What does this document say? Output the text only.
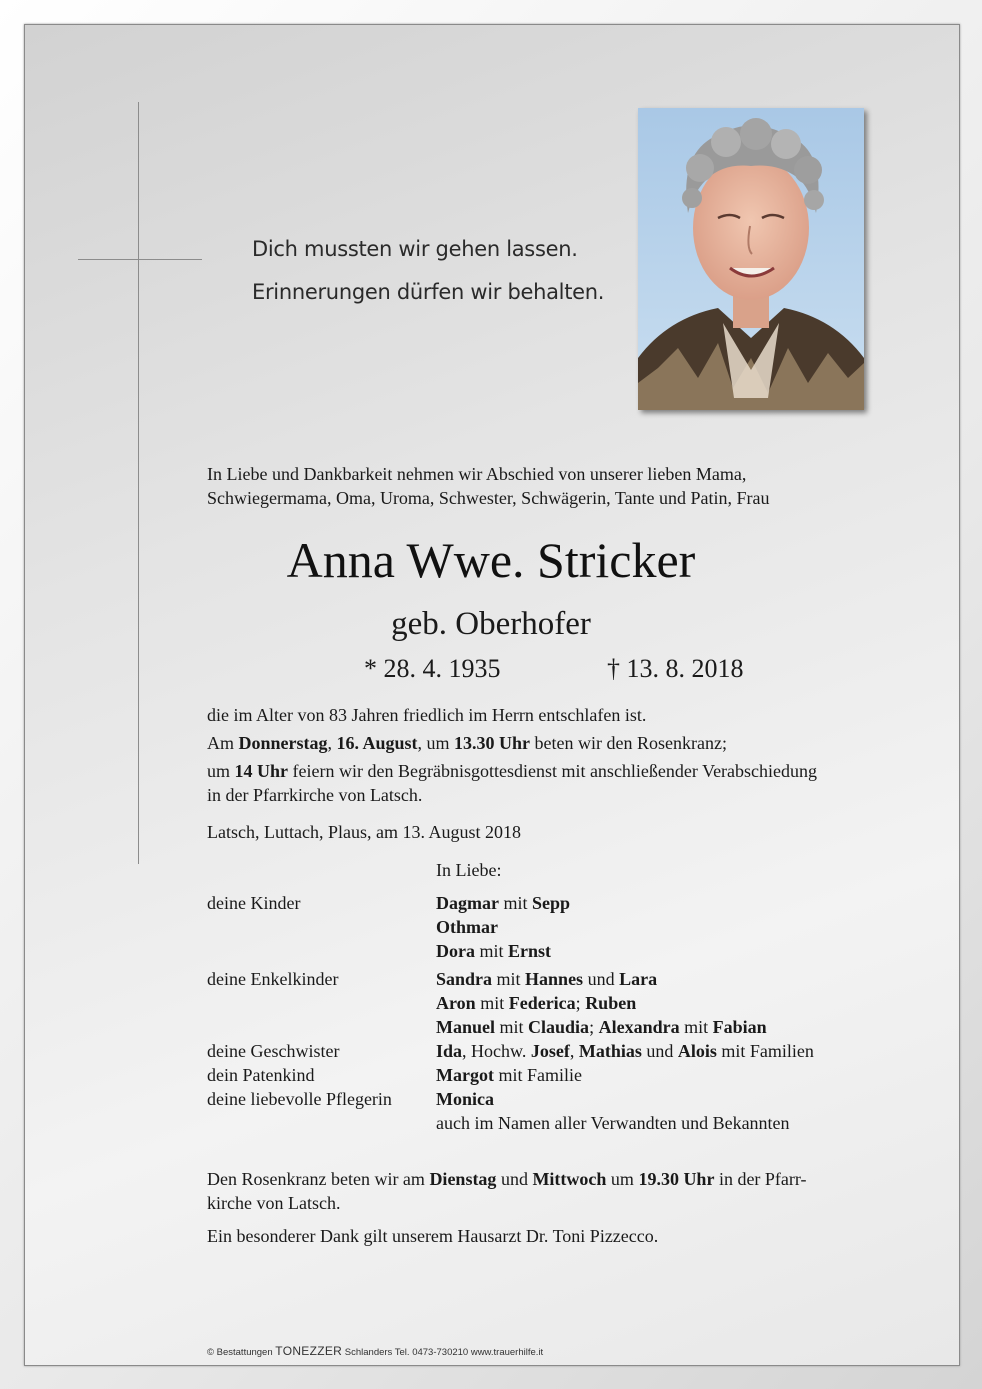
Dich mussten wir gehen lassen.
Erinnerungen dürfen wir behalten.
In Liebe und Dankbarkeit nehmen wir Abschied von unserer lieben Mama,
Schwiegermama, Oma, Uroma, Schwester, Schwägerin, Tante und Patin, Frau
Anna Wwe. Stricker
geb. Oberhofer
* 28. 4. 1935	† 13. 8. 2018
die im Alter von 83 Jahren friedlich im Herrn entschlafen ist.
Am Donnerstag, 16. August, um 13.30 Uhr beten wir den Rosenkranz;
um 14 Uhr feiern wir den Begräbnisgottesdienst mit anschließender Verabschiedung
in der Pfarrkirche von Latsch.
Latsch, Luttach, Plaus, am 13. August 2018
In Liebe:
deine Kinder	Dagmar mit Sepp
Othmar
Dora mit Ernst
deine Enkelkinder	Sandra mit Hannes und Lara
Aron mit Federica; Ruben
Manuel mit Claudia; Alexandra mit Fabian
deine Geschwister	Ida, Hochw. Josef, Mathias und Alois mit Familien
dein Patenkind	Margot mit Familie
deine liebevolle Pflegerin	Monica
auch im Namen aller Verwandten und Bekannten
Den Rosenkranz beten wir am Dienstag und Mittwoch um 19.30 Uhr in der Pfarr-
kirche von Latsch.
Ein besonderer Dank gilt unserem Hausarzt Dr. Toni Pizzecco.
© Bestattungen TONEZZER Schlanders Tel. 0473-730210 www.trauerhilfe.it
